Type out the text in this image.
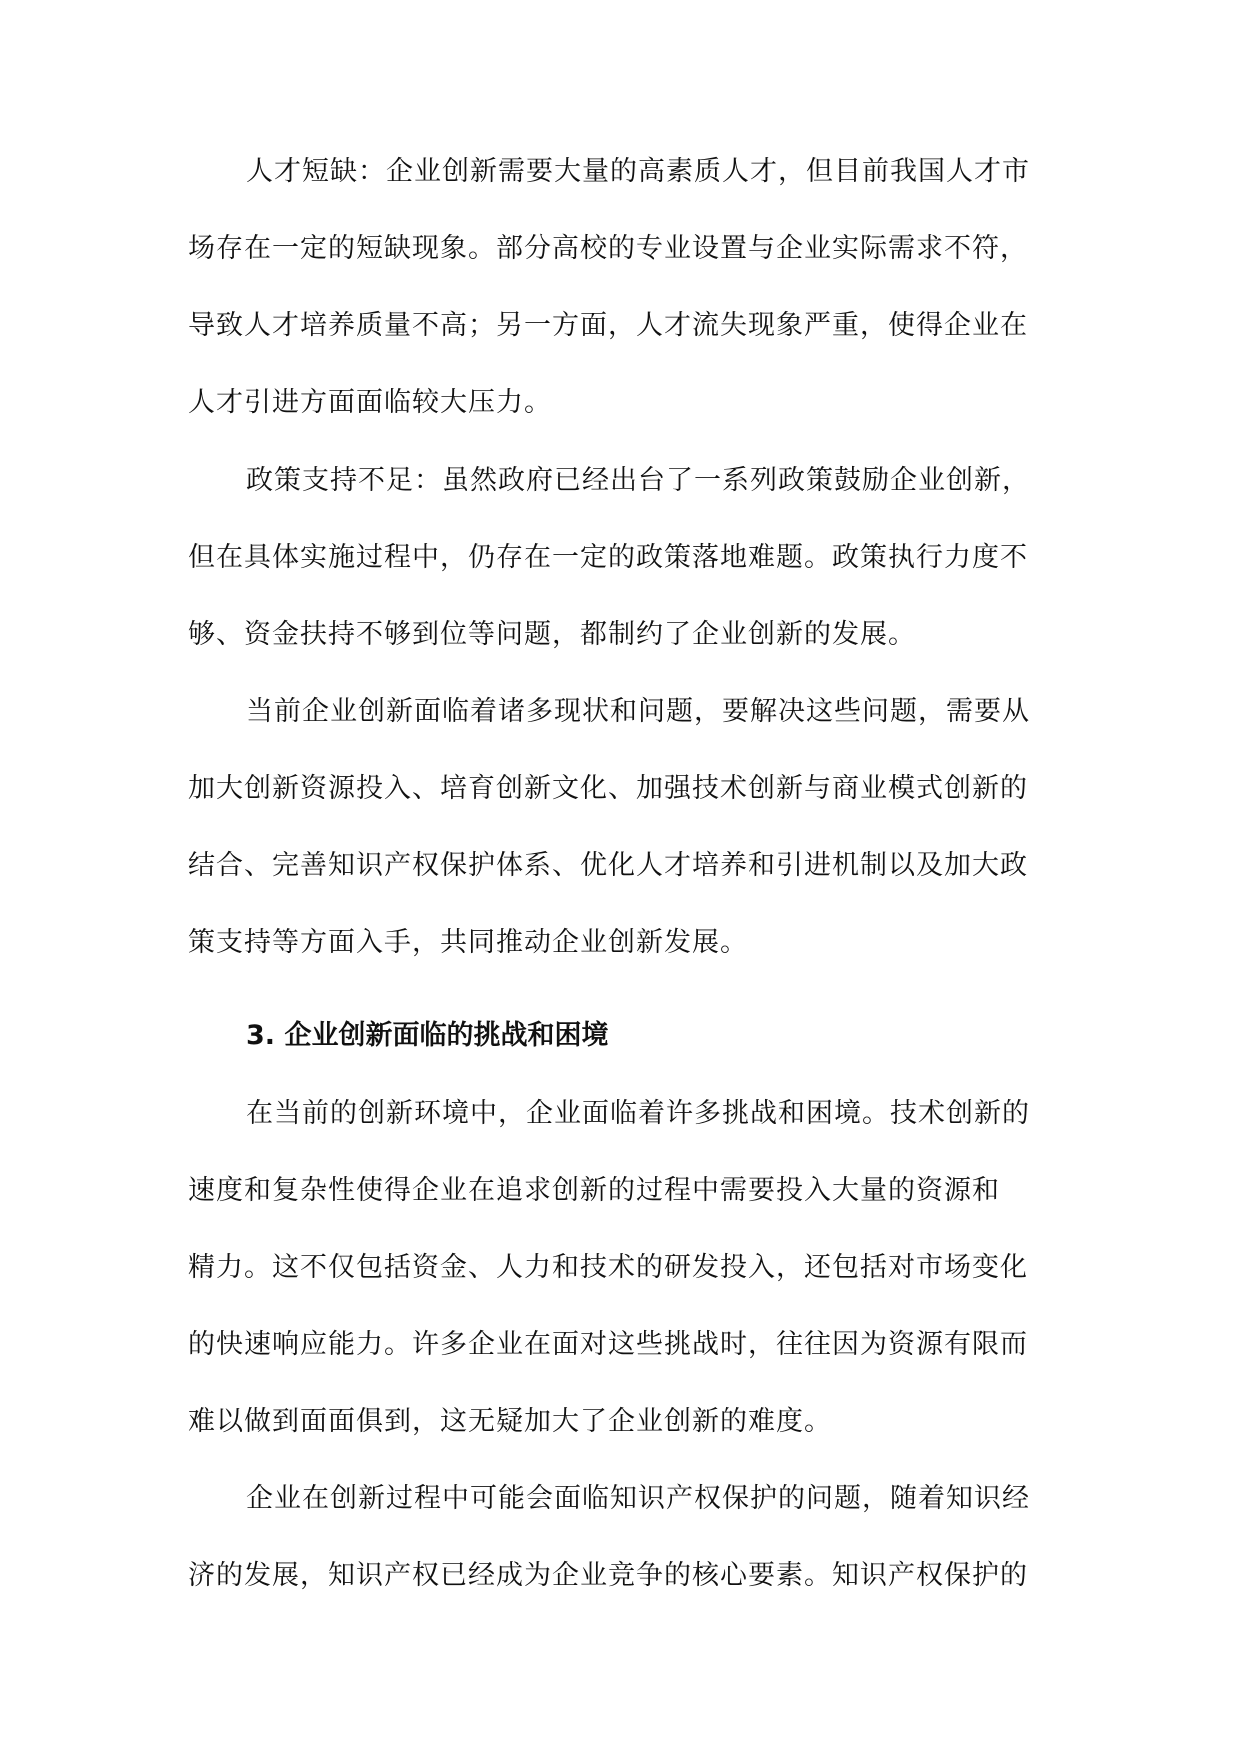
人才短缺：企业创新需要大量的高素质人才，但目前我国人才市

场存在一定的短缺现象。部分高校的专业设置与企业实际需求不符，

导致人才培养质量不高；另一方面，人才流失现象严重，使得企业在

人才引进方面面临较大压力。

政策支持不足：虽然政府已经出台了一系列政策鼓励企业创新，

但在具体实施过程中，仍存在一定的政策落地难题。政策执行力度不

够、资金扶持不够到位等问题，都制约了企业创新的发展。

当前企业创新面临着诸多现状和问题，要解决这些问题，需要从

加大创新资源投入、培育创新文化、加强技术创新与商业模式创新的

结合、完善知识产权保护体系、优化人才培养和引进机制以及加大政

策支持等方面入手，共同推动企业创新发展。

3. 企业创新面临的挑战和困境

在当前的创新环境中，企业面临着许多挑战和困境。技术创新的

速度和复杂性使得企业在追求创新的过程中需要投入大量的资源和

精力。这不仅包括资金、人力和技术的研发投入，还包括对市场变化

的快速响应能力。许多企业在面对这些挑战时，往往因为资源有限而

难以做到面面俱到，这无疑加大了企业创新的难度。

企业在创新过程中可能会面临知识产权保护的问题，随着知识经

济的发展，知识产权已经成为企业竞争的核心要素。知识产权保护的
